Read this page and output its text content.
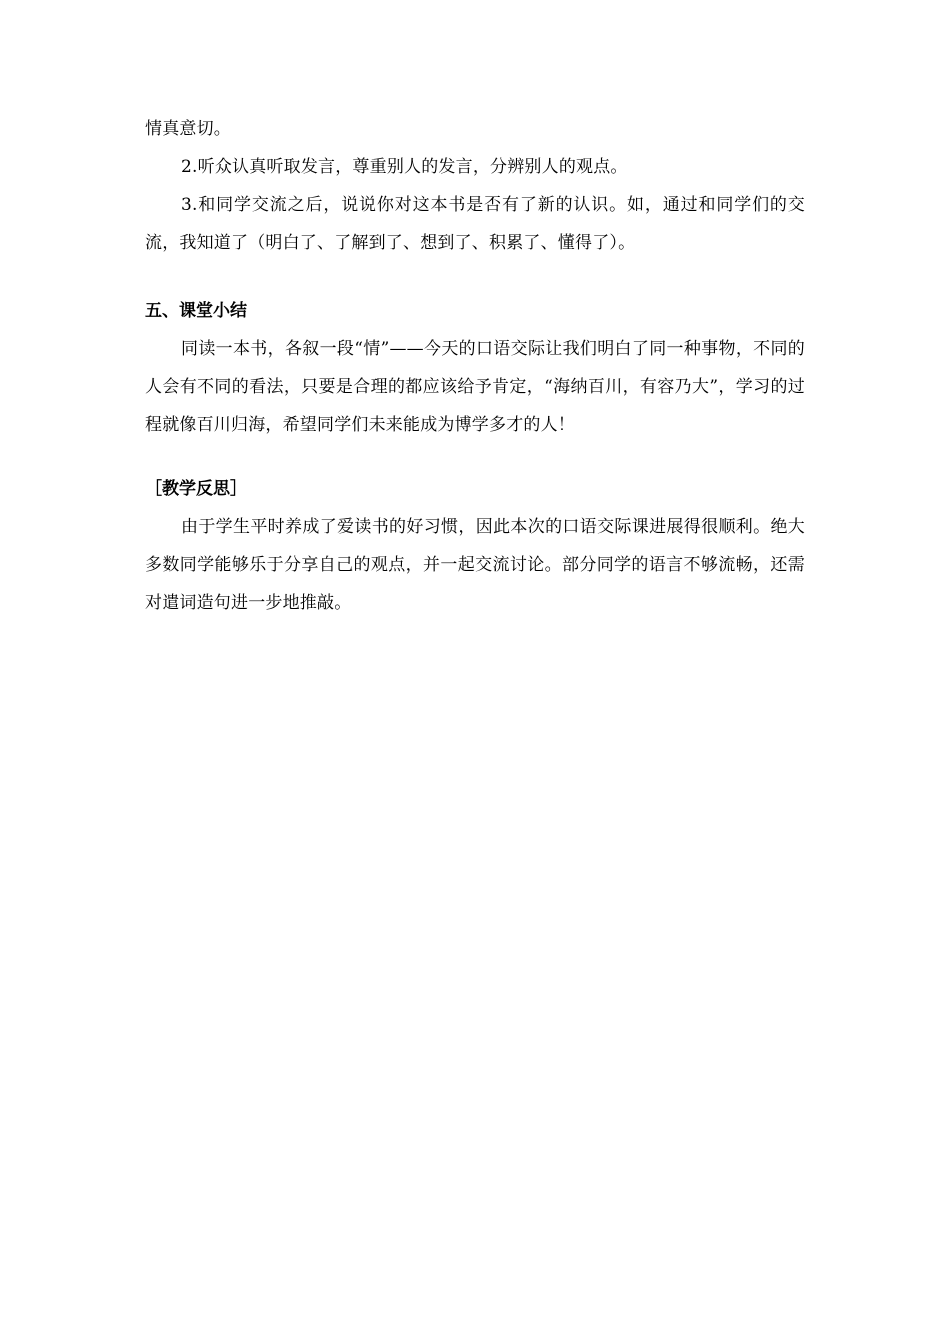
情真意切。

2.听众认真听取发言，尊重别人的发言，分辨别人的观点。

3.和同学交流之后，说说你对这本书是否有了新的认识。如，通过和同学们的交流，我知道了（明白了、了解到了、想到了、积累了、懂得了）。

五、课堂小结

同读一本书，各叙一段“情”——今天的口语交际让我们明白了同一种事物，不同的人会有不同的看法，只要是合理的都应该给予肯定，“海纳百川，有容乃大”，学习的过程就像百川归海，希望同学们未来能成为博学多才的人！

［教学反思］

由于学生平时养成了爱读书的好习惯，因此本次的口语交际课进展得很顺利。绝大多数同学能够乐于分享自己的观点，并一起交流讨论。部分同学的语言不够流畅，还需对遣词造句进一步地推敲。
